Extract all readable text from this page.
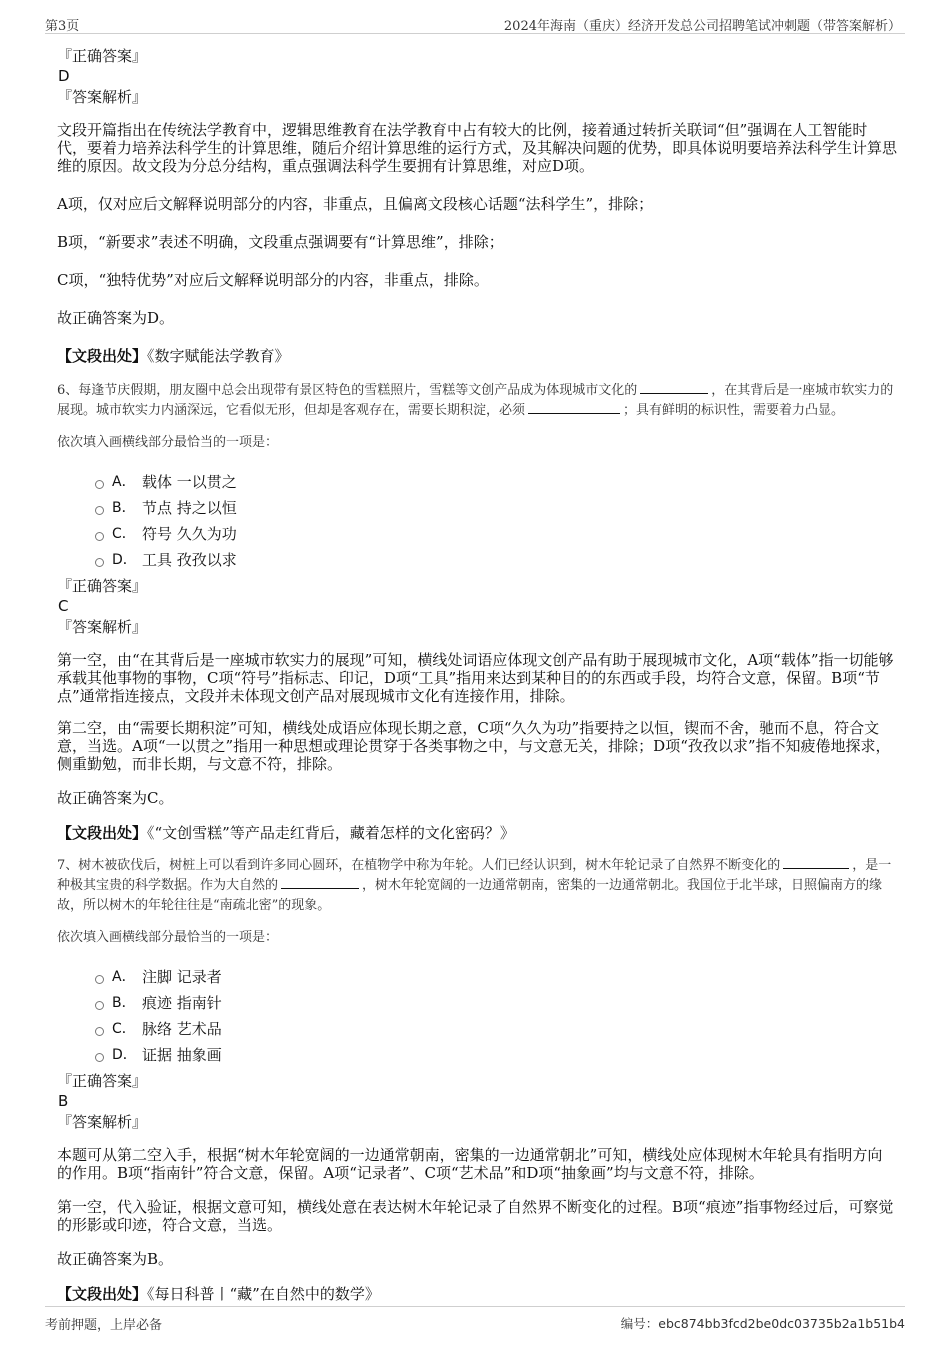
第3页	2024年海南（重庆）经济开发总公司招聘笔试冲刺题（带答案解析）
『正确答案』
D
『答案解析』

文段开篇指出在传统法学教育中，逻辑思维教育在法学教育中占有较大的比例，接着通过转折关联词“但”强调在人工智能时代，要着力培养法科学生的计算思维，随后介绍计算思维的运行方式，及其解决问题的优势，即具体说明要培养法科学生计算思维的原因。故文段为分总分结构，重点强调法科学生要拥有计算思维，对应D项。

A项，仅对应后文解释说明部分的内容，非重点，且偏离文段核心话题“法科学生”，排除；

B项，“新要求”表述不明确，文段重点强调要有“计算思维”，排除；

C项，“独特优势”对应后文解释说明部分的内容，非重点，排除。

故正确答案为D。

【文段出处】《数字赋能法学教育》

6、每逢节庆假期，朋友圈中总会出现带有景区特色的雪糕照片，雪糕等文创产品成为体现城市文化的	，在其背后是一座城市软实力的展现。城市软实力内涵深远，它看似无形，但却是客观存在，需要长期积淀，必须	；具有鲜明的标识性，需要着力凸显。

依次填入画横线部分最恰当的一项是：

A． 载体 一以贯之
B． 节点 持之以恒
C． 符号 久久为功
D． 工具 孜孜以求
『正确答案』
C
『答案解析』

第一空，由“在其背后是一座城市软实力的展现”可知，横线处词语应体现文创产品有助于展现城市文化，A项“载体”指一切能够承载其他事物的事物，C项“符号”指标志、印记，D项“工具”指用来达到某种目的的东西或手段，均符合文意，保留。B项“节点”通常指连接点，文段并未体现文创产品对展现城市文化有连接作用，排除。

第二空，由“需要长期积淀”可知，横线处成语应体现长期之意，C项“久久为功”指要持之以恒，锲而不舍，驰而不息，符合文意，当选。A项“一以贯之”指用一种思想或理论贯穿于各类事物之中，与文意无关，排除；D项“孜孜以求”指不知疲倦地探求，侧重勤勉，而非长期，与文意不符，排除。

故正确答案为C。

【文段出处】《“文创雪糕”等产品走红背后，藏着怎样的文化密码？》

7、树木被砍伐后，树桩上可以看到许多同心圆环，在植物学中称为年轮。人们已经认识到，树木年轮记录了自然界不断变化的	，是一种极其宝贵的科学数据。作为大自然的	，树木年轮宽阔的一边通常朝南，密集的一边通常朝北。我国位于北半球，日照偏南方的缘故，所以树木的年轮往往是“南疏北密”的现象。

依次填入画横线部分最恰当的一项是：

A． 注脚 记录者
B． 痕迹 指南针
C． 脉络 艺术品
D． 证据 抽象画
『正确答案』
B
『答案解析』

本题可从第二空入手，根据“树木年轮宽阔的一边通常朝南，密集的一边通常朝北”可知，横线处应体现树木年轮具有指明方向的作用。B项“指南针”符合文意，保留。A项“记录者”、C项“艺术品”和D项“抽象画”均与文意不符，排除。

第一空，代入验证，根据文意可知，横线处意在表达树木年轮记录了自然界不断变化的过程。B项“痕迹”指事物经过后，可察觉的形影或印迹，符合文意，当选。

故正确答案为B。

【文段出处】《每日科普丨“藏”在自然中的数学》

考前押题，上岸必备	编号：ebc874bb3fcd2be0dc03735b2a1b51b4
